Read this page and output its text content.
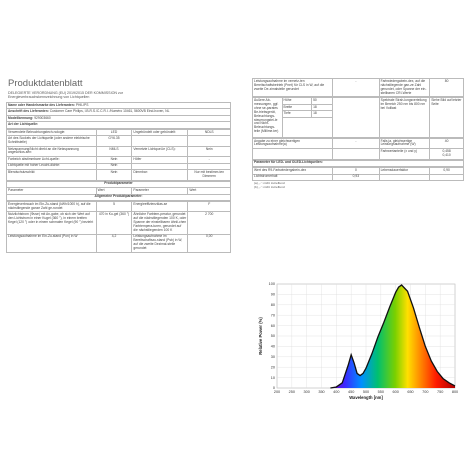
Produktdatenblatt
DELEGIERTE VERORDNUNG (EU) 2019/2015 DER KOMMISSION zur
Energieverbrauchskennzeichnung von Lichtquellen
Name oder Handelsmarke des Lieferanten: PHILIPS
Anschrift des Lieferanten: Customer Care Philips, I.B.R.S./C.C.R.I. /Numéro 10461, 5600VB Eind-hoven, NL
Modellkennung: 929003660
Art der Lichtquelle:
Verwendete Beleuchtungstech-nologie:	LED	Ungebündelt oder gebündelt:	NDLS
Art des Sockels der Lichtquelle (oder andere elektrische Schnittstelle)	GY6.35		
Netzspannung/Nicht direkt an die Netzspannung angeschlos-sen:	NMLS	Vernetzte Lichtquel-le (CLS):	Nein
Farbeich abstimmbare Licht-quelle:	Nein	Höfer	-
Lichtquelle mit hoher Leucht-dichte:	Nein		
Blendschutzschild:	Nein	Dimmbar:	Nur mit bestimm-ten Dimmern
Produktparameter
Parameter	Wert	Parameter	Wert
Allgemeine Produktparameter:
Energieverbrauch im Ein-Zu-stand (kWh/1000 h), auf die nächstliegende ganze Zahl ge-rundet	5	Energieeffizienzklas-se	F
Nutzlichtstrom (Φuse) mit An-gabe, ob sich der Wert auf den Lichtstrom in einer Kugel (360 °), in einem breiten Kegel (120 °) oder in einem schmalen Kegel (90 °) bezieht	470 in Ku-gel (360 °)	Ähnliche Farbtem-peratur, gerundet auf die nächstliegenden 100 K, oder Spanne der einstellbaren ähnli-chen Farbtempera-turen, gerundet auf die nächstliegenden 100 K	2 700
Leistungsaufnahme im Ein-Zu-stand (Pon) in W	4,2	Leistungsaufnahme im Bereitschaftszu-stand (Psb) in W, auf die zweite Dezimal-stelle gerundet	0,00
Leistungsaufnahme im vernetz-ten Bereitschaftsbetrieb (Pnet) für CLS in W, auf die zweite De-zimalstelle gerundet	-	Farbwiedergabein-dex, auf die nächstliegende gan-ze Zahl gerundet, oder Spanne der ein-stellbaren CRI-Werte	80
Äußere Ab-messungen, ggf. ohne se-parates Be-triebsgerät, Beleuchtungs-steuerungstei-le und Nicht-Beleuchtungs-teile (Millime-ter)	Höhe	50		Spektrale Strah-lungsverteilung im Bereich 250 nm bis 800 nm bei Volllast	Siehe Bild auf letzter Seite
	Breite	18			
	Tiefe	18			

Angabe zu einer gleichwertigen Leistungsaufnahme(a)	-	Falls ja, gleichwertige Leistungsaufnahme (W)	40
		Farbwertanteile (x und y)	0,458
0,410
Parameter für LED- und OLED-Lichtquellen:
Wert des R9-Farbwiedergabein-dex	0	Lebensdauerfaktor	0,90
Lichtstromerhalt	0,93		
(a) „-“: nicht zutreffend
(b) „-“: nicht zutreffend
0
10
20
30
40
50
60
70
80
90
100
200 250 300 350 400 450 500 550 600 650 700 750 800
Wavelength [nm]
Relative Power (%)
